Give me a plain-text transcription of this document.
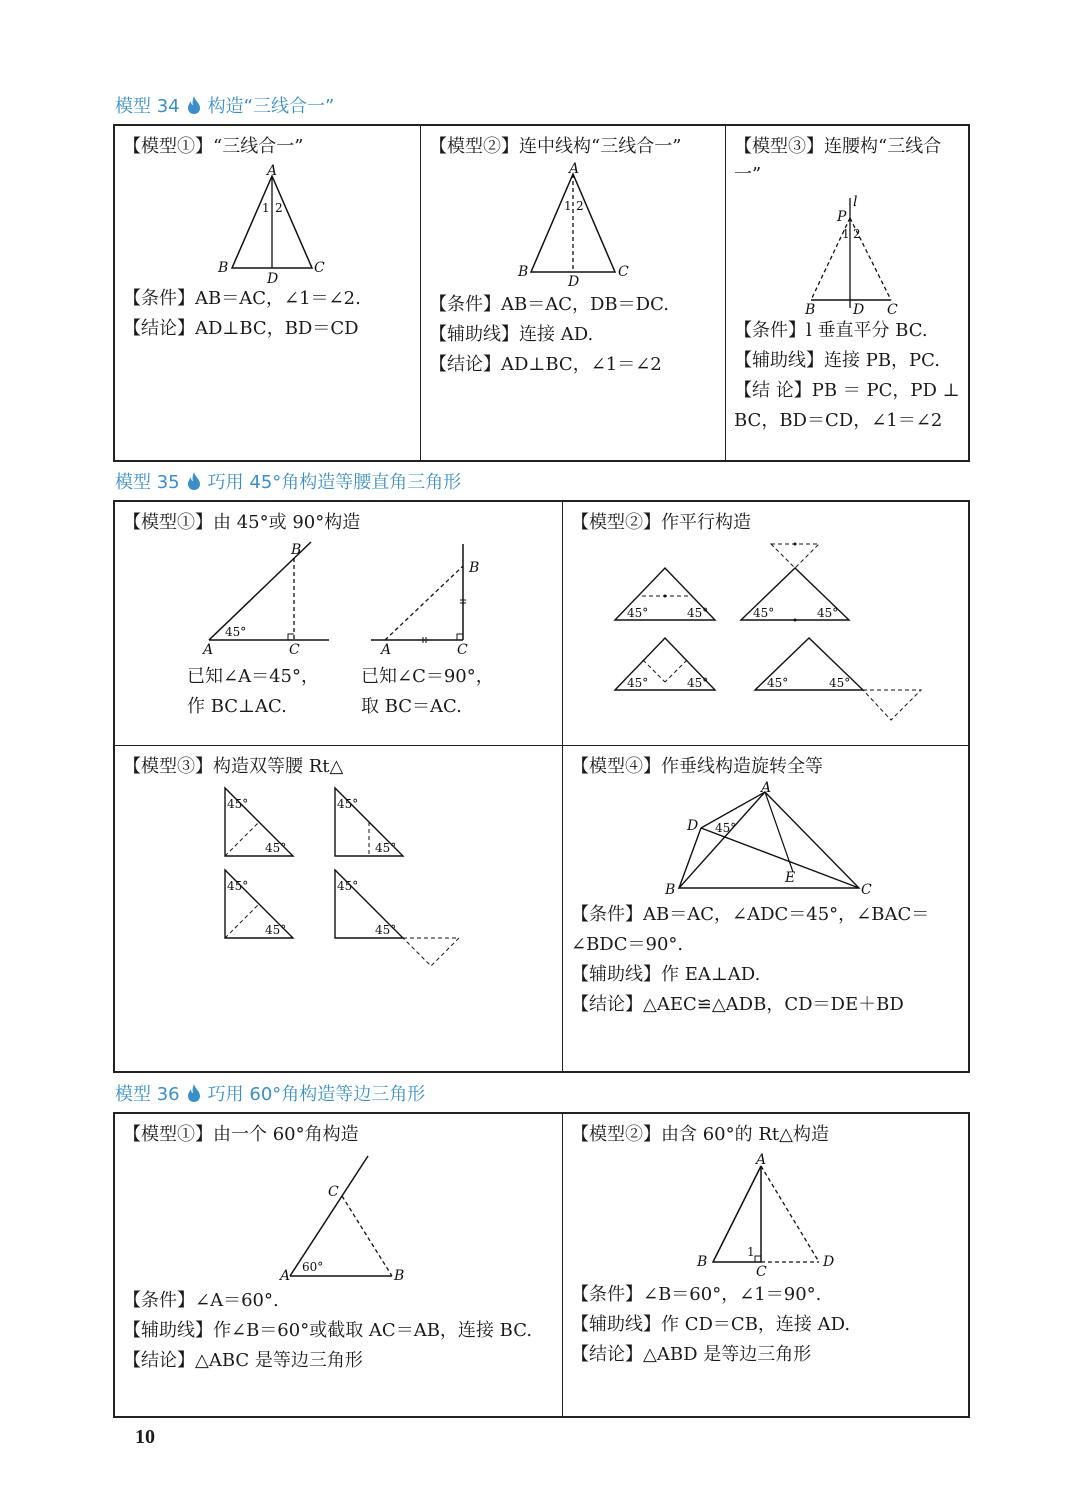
模型 34 构造“三线合一”
【模型①】“三线合一”
A
1 2
B	C
D
【条件】AB＝AC，∠1＝∠2.
【结论】AD⊥BC，BD＝CD
【模型②】连中线构“三线合一”
A
1 2
B	C
D
【条件】AB＝AC，DB＝DC.
【辅助线】连接 AD.
【结论】AD⊥BC，∠1＝∠2
【模型③】连腰构“三线合
一”
l
P
1 2
B	D C
【条件】l 垂直平分 BC.
【辅助线】连接 PB，PC.
【结 论】PB ＝ PC，PD ⊥
BC，BD＝CD，∠1＝∠2
模型 35 巧用 45°角构造等腰直角三角形
【模型①】由 45°或 90°构造
45°
A	C
B
A	C
B
已知∠A＝45°，
作 BC⊥AC.
已知∠C＝90°，
取 BC＝AC.
【模型②】作平行构造
45°	45°	45°	45°
45°	45°	45°	45°
【模型③】构造双等腰 Rt△
45°
45°
45°
45°
45°
45°
45°
45°
【模型④】作垂线构造旋转全等
A
D 45°
B	C
E
【条件】AB＝AC，∠ADC＝45°，∠BAC＝
∠BDC＝90°.
【辅助线】作 EA⊥AD.
【结论】△AEC≌△ADB，CD＝DE＋BD
模型 36 巧用 60°角构造等边三角形
【模型①】由一个 60°角构造
60°
A	B
C
【条件】∠A＝60°.
【辅助线】作∠B＝60°或截取 AC＝AB，连接 BC.
【结论】△ABC 是等边三角形
【模型②】由含 60°的 Rt△构造
A
B
C
D
1
【条件】∠B＝60°，∠1＝90°.
【辅助线】作 CD＝CB，连接 AD.
【结论】△ABD 是等边三角形
10
